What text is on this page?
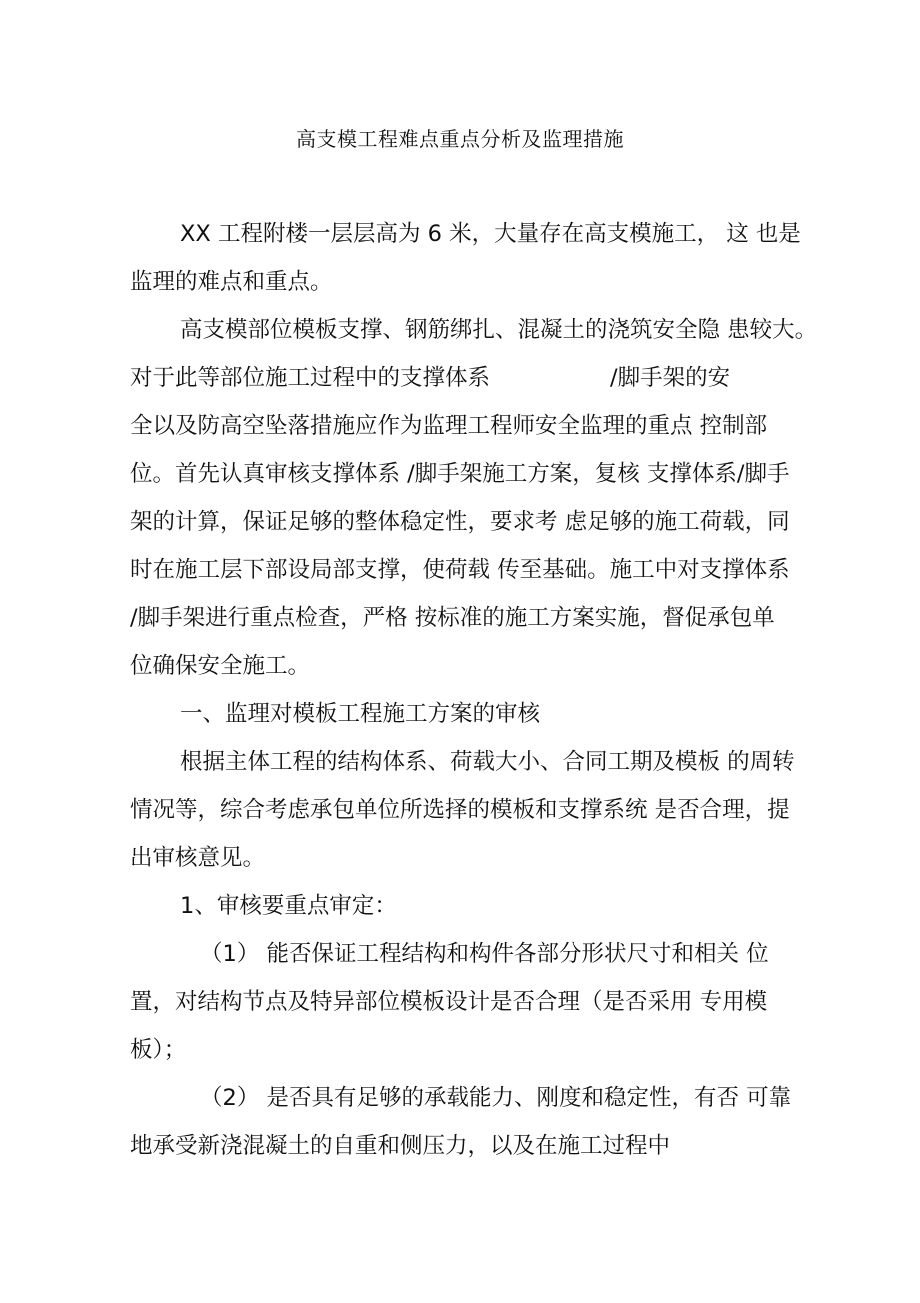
高支模工程难点重点分析及监理措施

XX 工程附楼一层层高为 6 米，大量存在高支模施工， 这 也是

监理的难点和重点。

高支模部位模板支撑、钢筋绑扎、混凝土的浇筑安全隐 患较大。

对于此等部位施工过程中的支撑体系	/脚手架的安

全以及防高空坠落措施应作为监理工程师安全监理的重点 控制部

位。首先认真审核支撑体系 /脚手架施工方案，复核 支撑体系/脚手

架的计算，保证足够的整体稳定性，要求考 虑足够的施工荷载，同

时在施工层下部设局部支撑，使荷载 传至基础。施工中对支撑体系

/脚手架进行重点检查，严格 按标准的施工方案实施，督促承包单

位确保安全施工。

一、监理对模板工程施工方案的审核

根据主体工程的结构体系、荷载大小、合同工期及模板 的周转

情况等，综合考虑承包单位所选择的模板和支撑系统 是否合理，提

出审核意见。

1、审核要重点审定：

（1） 能否保证工程结构和构件各部分形状尺寸和相关 位

置，对结构节点及特异部位模板设计是否合理（是否采用 专用模

板）；

（2） 是否具有足够的承载能力、刚度和稳定性，有否 可靠

地承受新浇混凝土的自重和侧压力，以及在施工过程中
